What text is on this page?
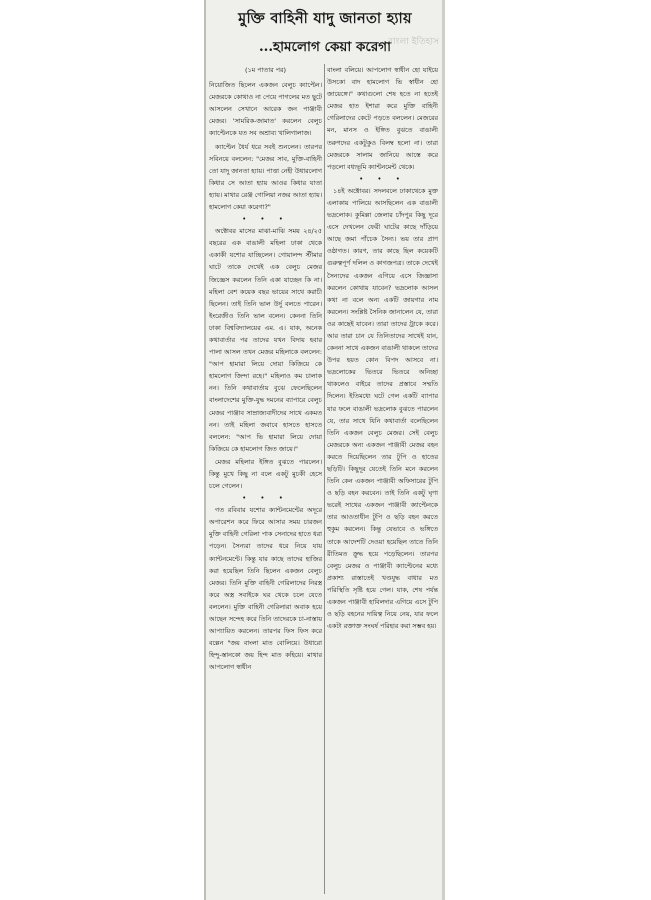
মুক্তি বাহিনী যাদু জানতা হ্যায়
...হামলোগ কেয়া করেগা
বাংলা ইতিহাস

(১ম পাতার পর)

নিয়োজিত ছিলেন একজন বেলুচ ক্যাপ্টেন। মেজরকে কোথাও না পেয়ে পাগলের মত ছুটে আসলেন সেখানে আরেক জন পাঞ্জাবী মেজর। 'সামরিক-জামাত' করলেন বেলুচ ক্যাপ্টেনকে যত সব অশ্রাব্য খালিগালাজ।

ক্যাপ্টেন ধৈর্য ধরে সবই শুনলেন। তারপর সবিনয়ে বললেন: "মেজর সাব, মুক্তি-বাহিনী তো যাদু জানতা হ্যায়। পাত্তা নেহী উধারলোগ কিধার সে আতা হ্যায় আওর কিধার যাতা হ্যায়। মাথার রেঞ্জ গোলিয়া নজর আতা হ্যায়। হামলোগ কেয়া করেগা?"

• • •

অক্টোবর মাসের মাঝা-মাঝি সময় ২৪/২৫ বছরের এক বাঙালী মহিলা ঢাকা থেকে একাকী যশোর যাচ্ছিলেন। গোয়ালন্দ স্টীমার ঘাটে তাকে দেখেই এক বেলুচ মেজর জিজ্ঞেস করলেন তিনি একা যাচ্ছেন কি না। মহিলা বেশ কয়েক বছর ভায়ের সাথে করাচী ছিলেন। তাই তিনি ভাল উর্দু বলতে পারেন। ইংরেজীও তিনি ভাল বলেন। কেননা তিনি ঢাকা বিশ্ববিদ্যালয়ের এম. এ। যাক, অনেক কথাবার্তার পর তাদের যখন বিদায় হবার পালা আসল তখন মেজর মহিলাকে বললেন: "আপ হামারা লিয়ে দোয়া কিজিয়ে কে হামলোগ জিন্দা রহে।" মহিলাও কম চালাক নন। তিনি কথাবার্তায় বুঝে ফেলেছিলেন বাংলাদেশের মুক্তি-যুদ্ধ দমনের ব্যাপারে বেলুচ মেজর পাঞ্জাব সাম্রাজ্যবাদীদের সাথে একমত নন। তাই মহিলা জবাবে হাসতে হাসতে বললেন: "আপ ভি হামারা লিয়ে দোয়া কিজিয়ে কে হামলোগ জিত জায়ে।"

মেজর মহিলার ইঙ্গিত বুঝতে পারলেন। কিন্তু মুখে কিছু না বলে একটু মুচকী হেসে চলে গেলেন।

• • •

গত রবিবার যশোর ক্যান্টনমেন্টের অদূরে অপারেশন করে ফিরে আসার সময় চারজন মুক্তি বাহিনী গেরিলা পাক সেনাদের হাতে ধরা পড়েন। সৈন্যরা তাদের ধরে নিয়ে যায় ক্যান্টনমেন্টে। কিন্তু যার কাছে তাদের হাজির করা হয়েছিল তিনি ছিলেন একজন বেলুচ মেজর। তিনি মুক্তি বাহিনী গেরিলাদের নিরস্ত্র করে অস্ত্র সবাইকে ঘর থেকে চলে যেতে বললেন। মুক্তি বাহিনী গেরিলারা অবাক হয়ে আছেন সন্দেহ করে তিনি তাদেরকে চা-নাস্তায় আপ্যায়িত করলেন। তারপর ফিস ফিস করে বল্লেন "জয় বাংলা মাত বোলিয়ে। উধারো হিন্দু-স্তানকো জয় হিন্দ মাত কহিয়ে। মাথার আপলোগ স্বাধীন

বাংলা বলিয়ে। আপলোগ স্বাধীন হো যাইয়ে উসকো বাদ হামলোগ ভি স্বাধীন হো জায়েঙ্গে।" কথাগুলো শেষ হতে না হতেই মেজর হাত ইশারা করে মুক্তি বাহিনী গেরিলাদের কেটে পড়তে বললেন। মেজরের মন, মানস ও ইঙ্গিত বুঝতে বাঙালী তরুণদের একটুকুও বিলম্ব হলো না। তারা মেজরকে সালাম জানিয়ে আস্তে করে পড়লো বধ্যভূমি ক্যান্টনমেন্ট থেকে।

• • •

১৪ই অক্টোবর। সদলবলে ঢাকাথেকে মুক্ত এলাকায় পালিয়ে আসছিলেন এক বাঙালী ভদ্রলোক। কুমিল্লা জেলার চাঁদপুর কিছু দূরে এসে দেখলেন ফেরী ঘাটের কাছে দাঁড়িয়ে আছে জমা পাঁচেক সৈন্য। ভয় তার প্রাণ ওষ্ঠাগত। কারণ, তার কাছে ছিল কয়েকটি গুরুত্বপূর্ণ দলিল ও কাগজপত্র। তাকে দেখেই সৈন্যদের একজন এগিয়ে এসে জিজ্ঞাসা করলেন কোথায় যাবেন? ভদ্রলোক আসল কথা না বলে অন্য একটি জায়গার নাম করলেন। সংশ্লিষ্ট সৈনিক জানালেন যে, তারা ওর কাছেই যাবেন। তারা তাদের ট্রাকে করে। আর তারা চান যে তিনিতাদের সাথেই যান, কেননা সাথে একজন বাঙালী থাকলে তাদের উপর হয়ত কোন বিপদ আসবে না। ভদ্রলোকের ভিতরে ভিতরে অনিচ্ছা থাকলেও বাইরে তাদের প্রস্তাবে সম্মতি দিলেন। ইতিমধ্যে ঘটে গেল একটি ব্যাপার যার ফলে বাঙালী ভদ্রলোক বুঝতে পারলেন যে, তার সাথে যিনি কথাবার্তা বলেছিলেন তিনি একজন বেলুচ মেজর। সেই বেলুচ মেজরকে অন্য একজন পাঞ্জাবী মেজর বহন করতে দিয়েছিলেন তার টুপি ও হাতের ছড়িটি। কিছুদূর যেতেই তিনি মনে করলেন তিনি কেন একজন পাঞ্জাবী অফিসারের টুপি ও ছড়ি বহন করবেন। তাই তিনি একটু ঘৃণা ভরেই সাথের একজন পাঞ্জাবী ক্যাপ্টেনকে তার আওতাধীন টুপি ও ছড়ি বহন করতে হুকুম করলেন। কিন্তু যেভাবে ও ভঙ্গিতে তাকে আদেশটি দেওয়া হয়েছিল তাতে তিনি রীতিমত ক্রুদ্ধ হয়ে পড়েছিলেন। তারপর বেলুচ মেজর ও পাঞ্জাবী ক্যাপ্টেনের মধ্যে প্রকাশ্য রাস্তাতেই খণ্ডযুদ্ধ বাধার মত পরিস্থিতি সৃষ্টি হয়ে গেল। যাক, শেষ পর্যন্ত একজন পাঞ্জাবী হাবিলদার এগিয়ে এসে টুপি ও ছড়ি বহনের দায়িত্ব নিয়ে নেয়, যার ফলে একটা রক্তাক্ত সংঘর্ষ পরিহার করা সম্ভব হয়।
